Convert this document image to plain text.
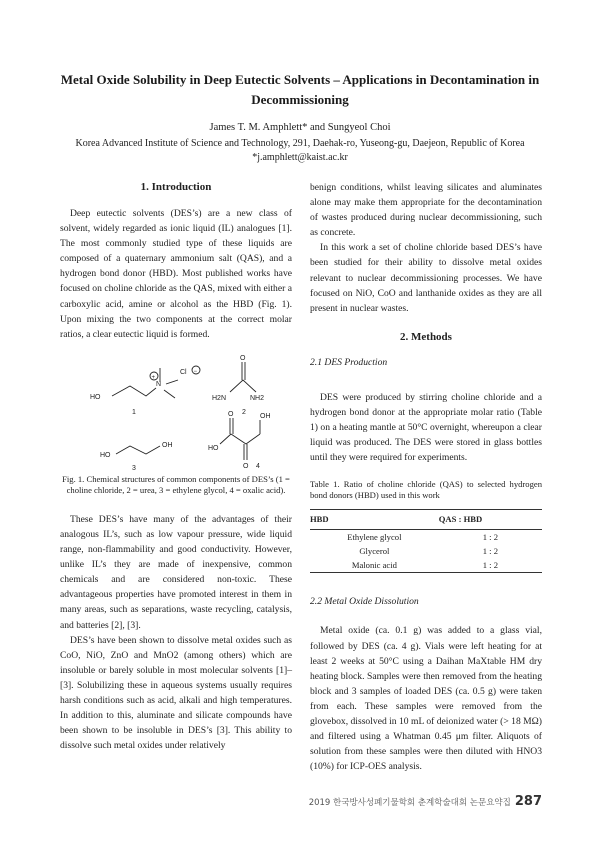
Metal Oxide Solubility in Deep Eutectic Solvents – Applications in Decontamination in Decommissioning
James T. M. Amphlett* and Sungyeol Choi
Korea Advanced Institute of Science and Technology, 291, Daehak-ro, Yuseong-gu, Daejeon, Republic of Korea
*j.amphlett@kaist.ac.kr
1. Introduction

Deep eutectic solvents (DES’s) are a new class of solvent, widely regarded as ionic liquid (IL) analogues [1]. The most commonly studied type of these liquids are composed of a quaternary ammonium salt (QAS), and a hydrogen bond donor (HBD). Most published works have focused on choline chloride as the QAS, mixed with either a carboxylic acid, amine or alcohol as the HBD (Fig. 1). Upon mixing the two components at the correct molar ratios, a clear eutectic liquid is formed.

HO
N
+
Cl −
1
O
H2N	NH2
2
HO
OH
3
O	OH
HO
O 4
Fig. 1. Chemical structures of common components of DES’s (1 = choline chloride, 2 = urea, 3 = ethylene glycol, 4 = oxalic acid).

These DES’s have many of the advantages of their analogous IL’s, such as low vapour pressure, wide liquid range, non-flammability and good conductivity. However, unlike IL’s they are made of inexpensive, common chemicals and are considered non-toxic. These advantageous properties have promoted interest in them in many areas, such as separations, waste recycling, catalysis, and batteries [2], [3].

DES’s have been shown to dissolve metal oxides such as CoO, NiO, ZnO and MnO2 (among others) which are insoluble or barely soluble in most molecular solvents [1]–[3]. Solubilizing these in aqueous systems usually requires harsh conditions such as acid, alkali and high temperatures. In addition to this, aluminate and silicate compounds have been shown to be insoluble in DES’s [3]. This ability to dissolve such metal oxides under relatively

benign conditions, whilst leaving silicates and aluminates alone may make them appropriate for the decontamination of wastes produced during nuclear decommissioning, such as concrete.

In this work a set of choline chloride based DES’s have been studied for their ability to dissolve metal oxides relevant to nuclear decommissioning processes. We have focused on NiO, CoO and lanthanide oxides as they are all present in nuclear wastes.

2. Methods
2.1 DES Production

DES were produced by stirring choline chloride and a hydrogen bond donor at the appropriate molar ratio (Table 1) on a heating mantle at 50°C overnight, whereupon a clear liquid was produced. The DES were stored in glass bottles until they were required for experiments.

Table 1. Ratio of choline chloride (QAS) to selected hydrogen bond donors (HBD) used in this work
HBD	QAS : HBD
Ethylene glycol	1 : 2
Glycerol	1 : 2
Malonic acid	1 : 2
2.2 Metal Oxide Dissolution

Metal oxide (ca. 0.1 g) was added to a glass vial, followed by DES (ca. 4 g). Vials were left heating for at least 2 weeks at 50°C using a Daihan MaXtable HM dry heating block. Samples were then removed from the heating block and 3 samples of loaded DES (ca. 0.5 g) were taken from each. These samples were removed from the glovebox, dissolved in 10 mL of deionized water (> 18 MΩ) and filtered using a Whatman 0.45 μm filter. Aliquots of solution from these samples were then diluted with HNO3 (10%) for ICP-OES analysis.

2019 한국방사성폐기물학회 춘계학술대회 논문요약집 287
